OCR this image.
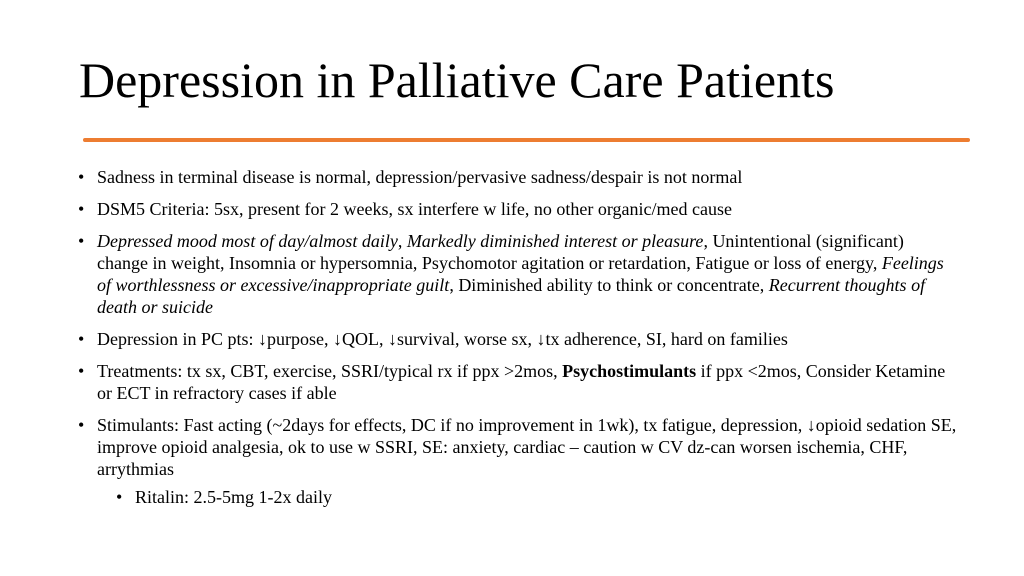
Depression in Palliative Care Patients
• Sadness in terminal disease is normal, depression/pervasive sadness/despair is not normal
• DSM5 Criteria: 5sx, present for 2 weeks, sx interfere w life, no other organic/med cause
• Depressed mood most of day/almost daily, Markedly diminished interest or pleasure, Unintentional (significant) change in weight, Insomnia or hypersomnia, Psychomotor agitation or retardation, Fatigue or loss of energy, Feelings of worthlessness or excessive/inappropriate guilt, Diminished ability to think or concentrate, Recurrent thoughts of death or suicide
• Depression in PC pts: ↓purpose, ↓QOL, ↓survival, worse sx, ↓tx adherence, SI, hard on families
• Treatments: tx sx, CBT, exercise, SSRI/typical rx if ppx >2mos, Psychostimulants if ppx <2mos, Consider Ketamine or ECT in refractory cases if able
• Stimulants: Fast acting (~2days for effects, DC if no improvement in 1wk), tx fatigue, depression, ↓opioid sedation SE, improve opioid analgesia, ok to use w SSRI, SE: anxiety, cardiac – caution w CV dz-can worsen ischemia, CHF, arrythmias
• Ritalin: 2.5-5mg 1-2x daily
